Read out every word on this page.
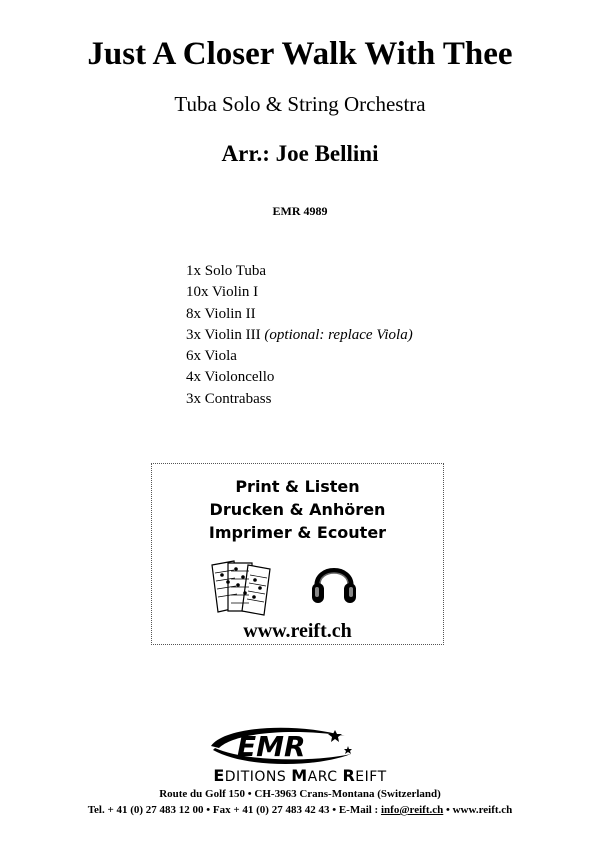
Just A Closer Walk With Thee
Tuba Solo & String Orchestra
Arr.: Joe Bellini
EMR 4989
1x Solo Tuba
10x Violin I
8x Violin II
3x Violin III (optional: replace Viola)
6x Viola
4x Violoncello
3x Contrabass
Print & Listen
Drucken & Anhören
Imprimer & Ecouter
www.reift.ch
EMR
EDITIONS MARC REIFT
Route du Golf 150 • CH-3963 Crans-Montana (Switzerland)
Tel. + 41 (0) 27 483 12 00 • Fax + 41 (0) 27 483 42 43 • E-Mail : info@reift.ch • www.reift.ch
